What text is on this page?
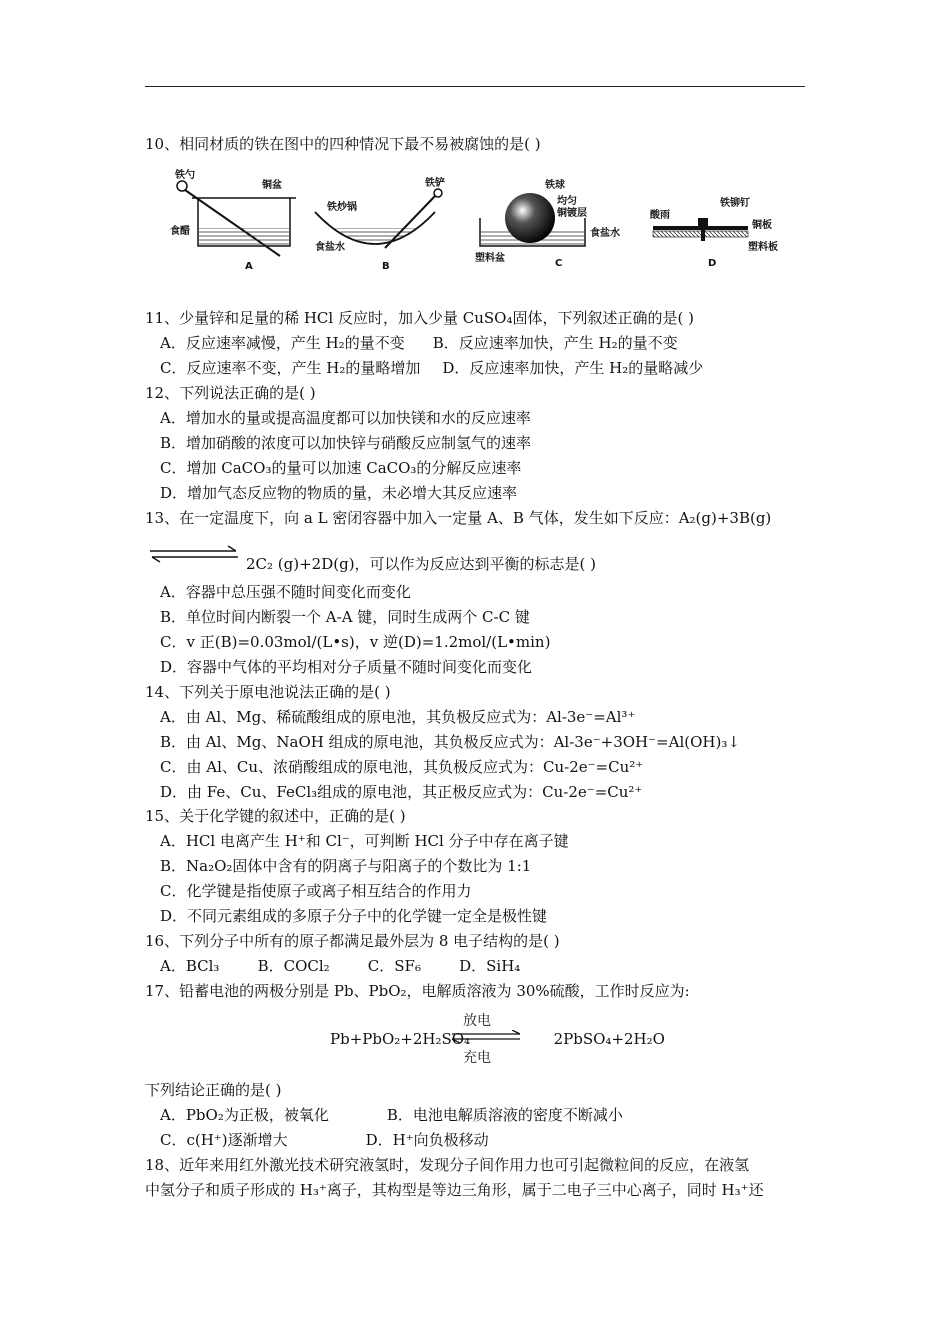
10、相同材质的铁在图中的四种情况下最不易被腐蚀的是( )
铁勺
铜盆
食醋
A
铁炒锅
铁铲
食盐水
B
铁球
均匀
铜镀层
食盐水
塑料盆	C
酸雨
铁铆钉
铜板
塑料板
D
11、少量锌和足量的稀 HCl 反应时，加入少量 CuSO₄固体，下列叙述正确的是( )
A．反应速率减慢，产生 H₂的量不变 B．反应速率加快，产生 H₂的量不变
C．反应速率不变，产生 H₂的量略增加 D．反应速率加快，产生 H₂的量略减少
12、下列说法正确的是( )
A．增加水的量或提高温度都可以加快镁和水的反应速率
B．增加硝酸的浓度可以加快锌与硝酸反应制氢气的速率
C．增加 CaCO₃的量可以加速 CaCO₃的分解反应速率
D．增加气态反应物的物质的量，未必增大其反应速率
13、在一定温度下，向 a L 密闭容器中加入一定量 A、B 气体，发生如下反应：A₂(g)+3B(g)
2C₂ (g)+2D(g)，可以作为反应达到平衡的标志是( )
A．容器中总压强不随时间变化而变化
B．单位时间内断裂一个 A-A 键，同时生成两个 C-C 键
C．v 正(B)=0.03mol/(L•s)，v 逆(D)=1.2mol/(L•min)
D．容器中气体的平均相对分子质量不随时间变化而变化
14、下列关于原电池说法正确的是( )
A．由 Al、Mg、稀硫酸组成的原电池，其负极反应式为：Al-3e⁻=Al³⁺
B．由 Al、Mg、NaOH 组成的原电池，其负极反应式为：Al-3e⁻+3OH⁻=Al(OH)₃↓
C．由 Al、Cu、浓硝酸组成的原电池，其负极反应式为：Cu-2e⁻=Cu²⁺
D．由 Fe、Cu、FeCl₃组成的原电池，其正极反应式为：Cu-2e⁻=Cu²⁺
15、关于化学键的叙述中，正确的是( )
A．HCl 电离产生 H⁺和 Cl⁻，可判断 HCl 分子中存在离子键
B．Na₂O₂固体中含有的阴离子与阳离子的个数比为 1:1
C．化学键是指使原子或离子相互结合的作用力
D．不同元素组成的多原子分子中的化学键一定全是极性键
16、下列分子中所有的原子都满足最外层为 8 电子结构的是( )
A．BCl₃        B．COCl₂        C．SF₆        D．SiH₄
17、铅蓄电池的两极分别是 Pb、PbO₂，电解质溶液为 30%硫酸，工作时反应为:
Pb+PbO₂+2H₂SO₄	2PbSO₄+2H₂O
放电
充电
下列结论正确的是( )
A．PbO₂为正极，被氧化	B．电池电解质溶液的密度不断减小
C．c(H⁺)逐渐增大	D．H⁺向负极移动
18、近年来用红外激光技术研究液氢时，发现分子间作用力也可引起微粒间的反应，在液氢
中氢分子和质子形成的 H₃⁺离子，其构型是等边三角形，属于二电子三中心离子，同时 H₃⁺还
